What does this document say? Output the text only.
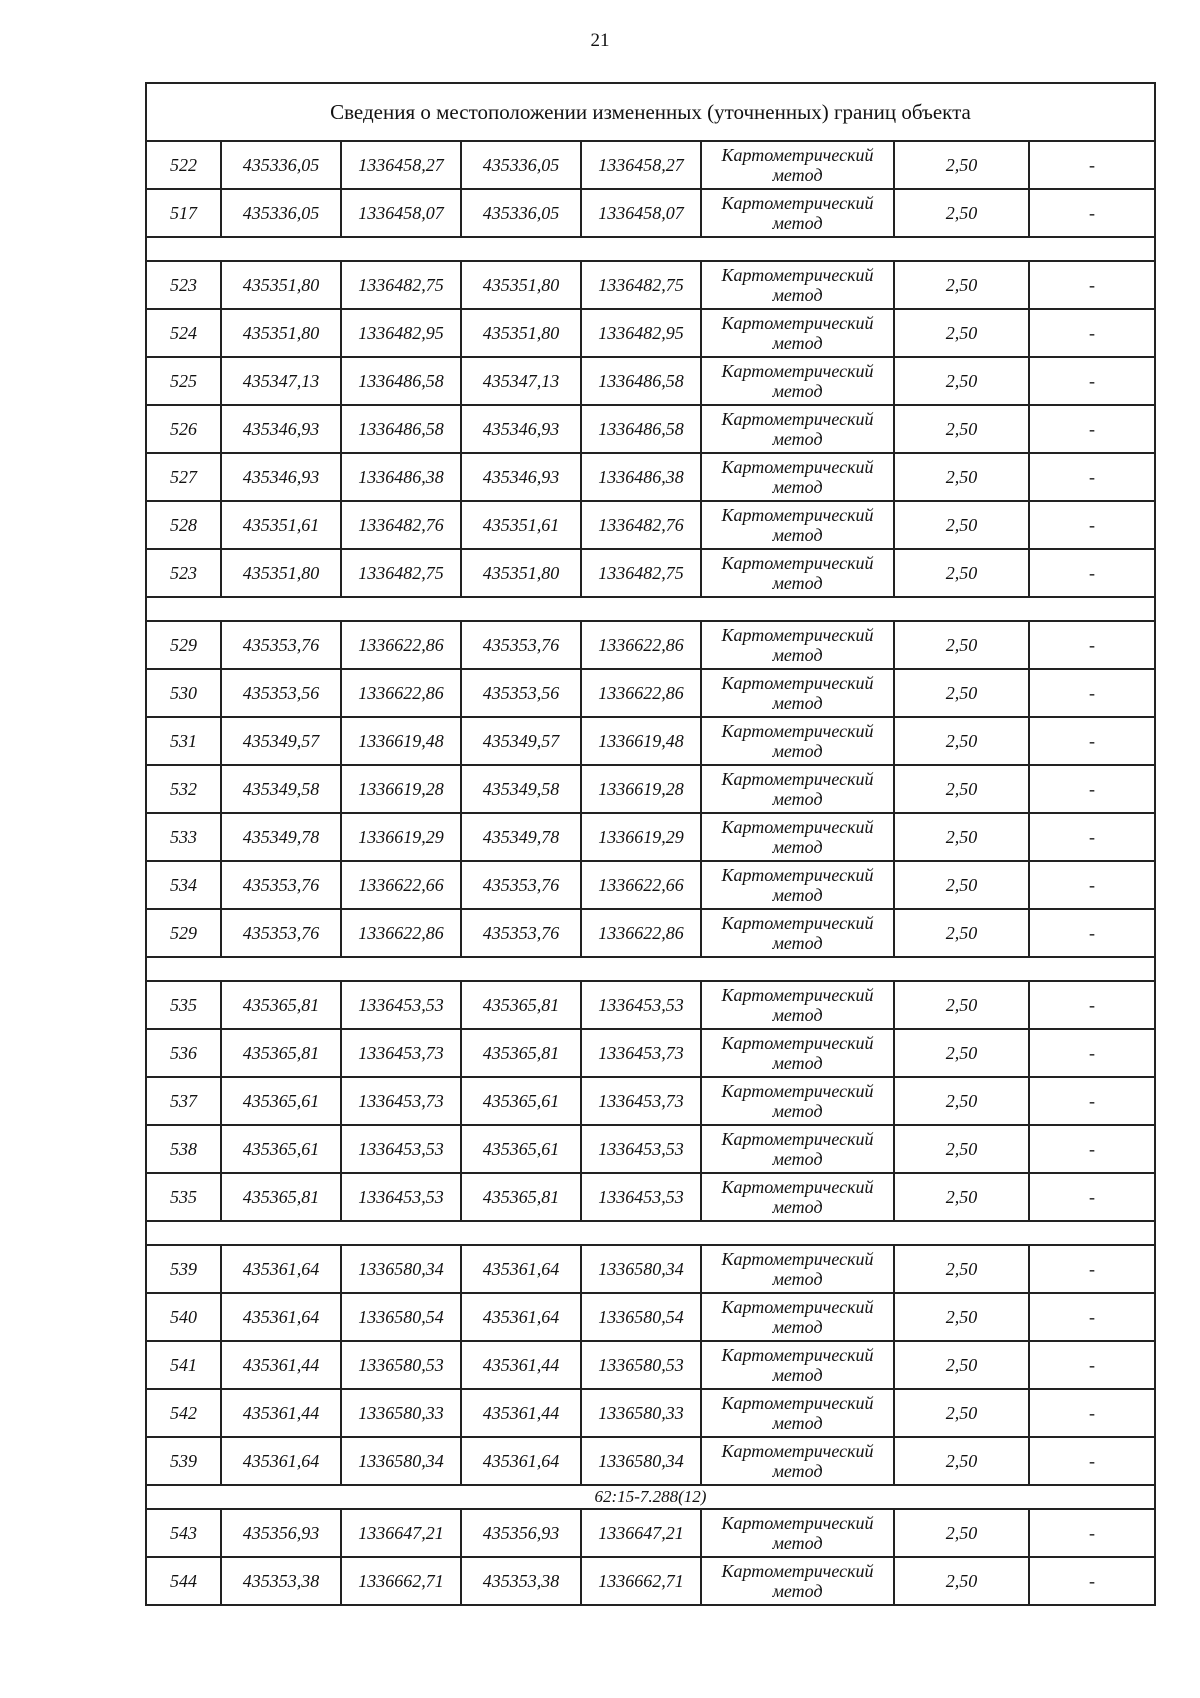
21
Сведения о местоположении измененных (уточненных) границ объекта							
522	435336,05	1336458,27	435336,05	1336458,27	Картометрический метод	2,50	-
517	435336,05	1336458,07	435336,05	1336458,07	Картометрический метод	2,50	-

523	435351,80	1336482,75	435351,80	1336482,75	Картометрический метод	2,50	-
524	435351,80	1336482,95	435351,80	1336482,95	Картометрический метод	2,50	-
525	435347,13	1336486,58	435347,13	1336486,58	Картометрический метод	2,50	-
526	435346,93	1336486,58	435346,93	1336486,58	Картометрический метод	2,50	-
527	435346,93	1336486,38	435346,93	1336486,38	Картометрический метод	2,50	-
528	435351,61	1336482,76	435351,61	1336482,76	Картометрический метод	2,50	-
523	435351,80	1336482,75	435351,80	1336482,75	Картометрический метод	2,50	-

529	435353,76	1336622,86	435353,76	1336622,86	Картометрический метод	2,50	-
530	435353,56	1336622,86	435353,56	1336622,86	Картометрический метод	2,50	-
531	435349,57	1336619,48	435349,57	1336619,48	Картометрический метод	2,50	-
532	435349,58	1336619,28	435349,58	1336619,28	Картометрический метод	2,50	-
533	435349,78	1336619,29	435349,78	1336619,29	Картометрический метод	2,50	-
534	435353,76	1336622,66	435353,76	1336622,66	Картометрический метод	2,50	-
529	435353,76	1336622,86	435353,76	1336622,86	Картометрический метод	2,50	-

535	435365,81	1336453,53	435365,81	1336453,53	Картометрический метод	2,50	-
536	435365,81	1336453,73	435365,81	1336453,73	Картометрический метод	2,50	-
537	435365,61	1336453,73	435365,61	1336453,73	Картометрический метод	2,50	-
538	435365,61	1336453,53	435365,61	1336453,53	Картометрический метод	2,50	-
535	435365,81	1336453,53	435365,81	1336453,53	Картометрический метод	2,50	-

539	435361,64	1336580,34	435361,64	1336580,34	Картометрический метод	2,50	-
540	435361,64	1336580,54	435361,64	1336580,54	Картометрический метод	2,50	-
541	435361,44	1336580,53	435361,44	1336580,53	Картометрический метод	2,50	-
542	435361,44	1336580,33	435361,44	1336580,33	Картометрический метод	2,50	-
539	435361,64	1336580,34	435361,64	1336580,34	Картометрический метод	2,50	-
62:15-7.288(12)							
543	435356,93	1336647,21	435356,93	1336647,21	Картометрический метод	2,50	-
544	435353,38	1336662,71	435353,38	1336662,71	Картометрический метод	2,50	-
